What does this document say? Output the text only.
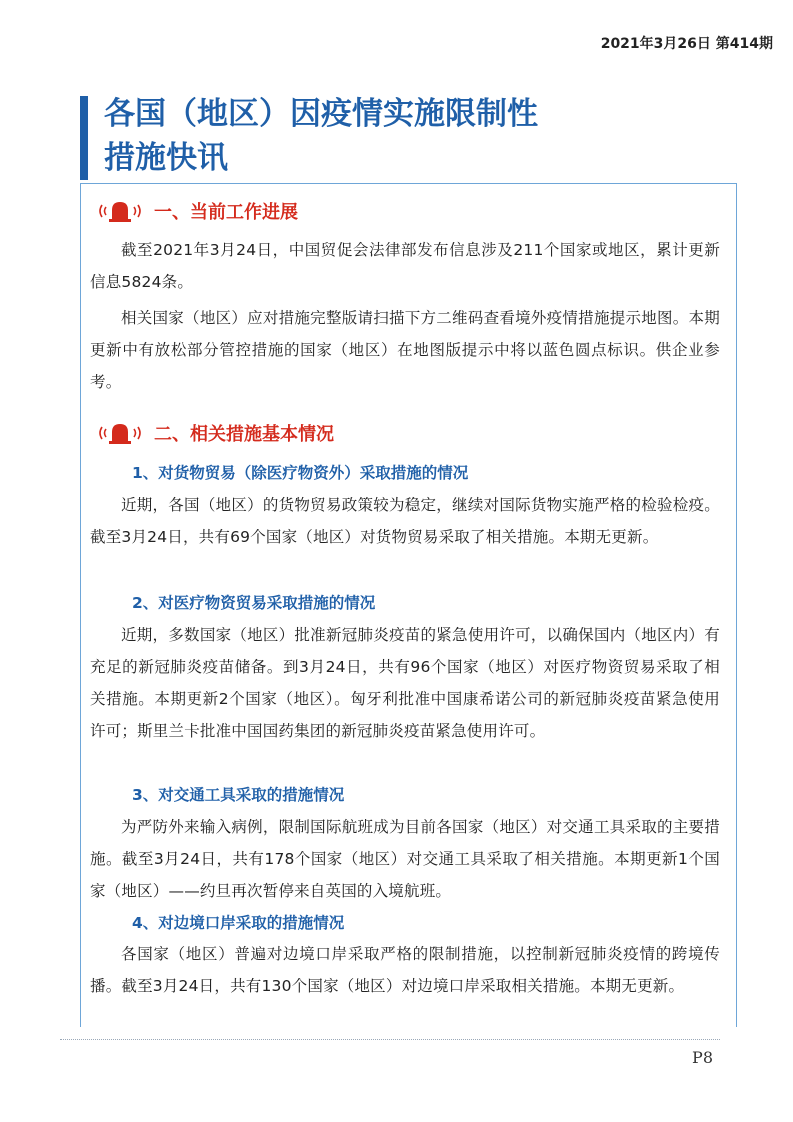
2021年3月26日 第414期
各国（地区）因疫情实施限制性
措施快讯
一、当前工作进展
截至2021年3月24日，中国贸促会法律部发布信息涉及211个国家或地区，累计更新信息5824条。
相关国家（地区）应对措施完整版请扫描下方二维码查看境外疫情措施提示地图。本期更新中有放松部分管控措施的国家（地区）在地图版提示中将以蓝色圆点标识。供企业参考。
二、相关措施基本情况
1、对货物贸易（除医疗物资外）采取措施的情况
近期，各国（地区）的货物贸易政策较为稳定，继续对国际货物实施严格的检验检疫。截至3月24日，共有69个国家（地区）对货物贸易采取了相关措施。本期无更新。
2、对医疗物资贸易采取措施的情况
近期，多数国家（地区）批准新冠肺炎疫苗的紧急使用许可，以确保国内（地区内）有充足的新冠肺炎疫苗储备。到3月24日，共有96个国家（地区）对医疗物资贸易采取了相关措施。本期更新2个国家（地区）。匈牙利批准中国康希诺公司的新冠肺炎疫苗紧急使用许可；斯里兰卡批准中国国药集团的新冠肺炎疫苗紧急使用许可。
3、对交通工具采取的措施情况
为严防外来输入病例，限制国际航班成为目前各国家（地区）对交通工具采取的主要措施。截至3月24日，共有178个国家（地区）对交通工具采取了相关措施。本期更新1个国家（地区）——约旦再次暂停来自英国的入境航班。
4、对边境口岸采取的措施情况
各国家（地区）普遍对边境口岸采取严格的限制措施，以控制新冠肺炎疫情的跨境传播。截至3月24日，共有130个国家（地区）对边境口岸采取相关措施。本期无更新。
P8
